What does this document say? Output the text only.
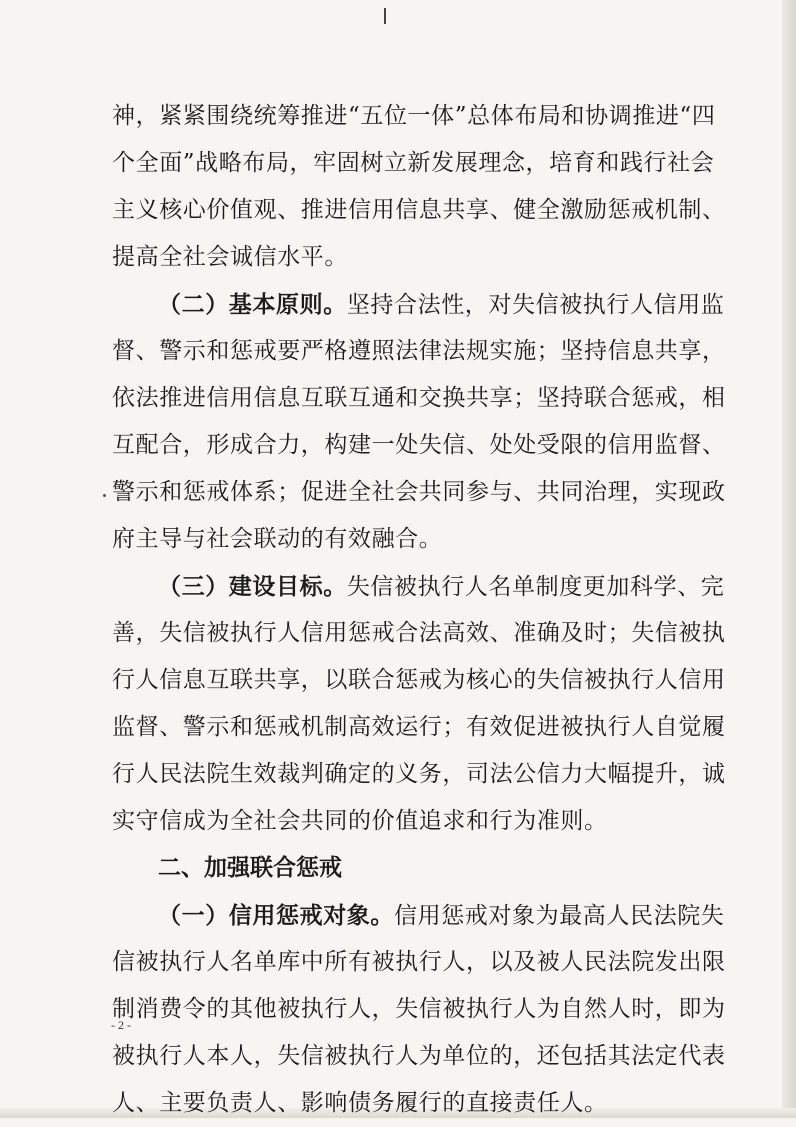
神，紧紧围绕统筹推进“五位一体”总体布局和协调推进“四
个全面”战略布局，牢固树立新发展理念，培育和践行社会
主义核心价值观、推进信用信息共享、健全激励惩戒机制、
提高全社会诚信水平。
（二）基本原则。坚持合法性，对失信被执行人信用监
督、警示和惩戒要严格遵照法律法规实施；坚持信息共享，
依法推进信用信息互联互通和交换共享；坚持联合惩戒，相
互配合，形成合力，构建一处失信、处处受限的信用监督、
警示和惩戒体系；促进全社会共同参与、共同治理，实现政
府主导与社会联动的有效融合。
（三）建设目标。失信被执行人名单制度更加科学、完
善，失信被执行人信用惩戒合法高效、准确及时；失信被执
行人信息互联共享，以联合惩戒为核心的失信被执行人信用
监督、警示和惩戒机制高效运行；有效促进被执行人自觉履
行人民法院生效裁判确定的义务，司法公信力大幅提升，诚
实守信成为全社会共同的价值追求和行为准则。
二、加强联合惩戒
（一）信用惩戒对象。信用惩戒对象为最高人民法院失
信被执行人名单库中所有被执行人，以及被人民法院发出限
制消费令的其他被执行人，失信被执行人为自然人时，即为
被执行人本人，失信被执行人为单位的，还包括其法定代表
人、主要负责人、影响债务履行的直接责任人。
- 2 -
